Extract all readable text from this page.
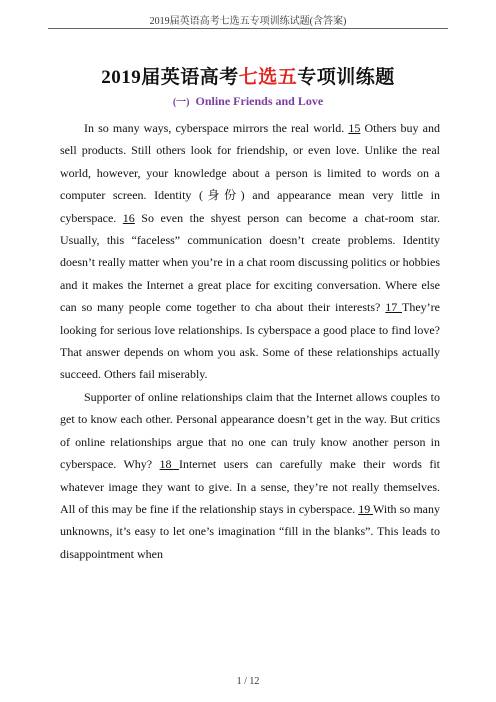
2019届英语高考七选五专项训练试题(含答案)
2019届英语高考七选五专项训练题
(一) Online Friends and Love

In so many ways, cyberspace mirrors the real world. 15 Others buy and sell products. Still others look for friendship, or even love. Unlike the real world, however, your knowledge about a person is limited to words on a computer screen. Identity (身份) and appearance mean very little in cyberspace. 16 So even the shyest person can become a chat-room star. Usually, this “faceless” communication doesn’t create problems. Identity doesn’t really matter when you’re in a chat room discussing politics or hobbies and it makes the Internet a great place for exciting conversation. Where else can so many people come together to cha about their interests? 17 They’re looking for serious love relationships. Is cyberspace a good place to find love? That answer depends on whom you ask. Some of these relationships actually succeed. Others fail miserably.

Supporter of online relationships claim that the Internet allows couples to get to know each other. Personal appearance doesn’t get in the way. But critics of online relationships argue that no one can truly know another person in cyberspace. Why? 18 Internet users can carefully make their words fit whatever image they want to give. In a sense, they’re not really themselves. All of this may be fine if the relationship stays in cyberspace. 19 With so many unknowns, it’s easy to let one’s imagination “fill in the blanks”. This leads to disappointment when

1 / 12
